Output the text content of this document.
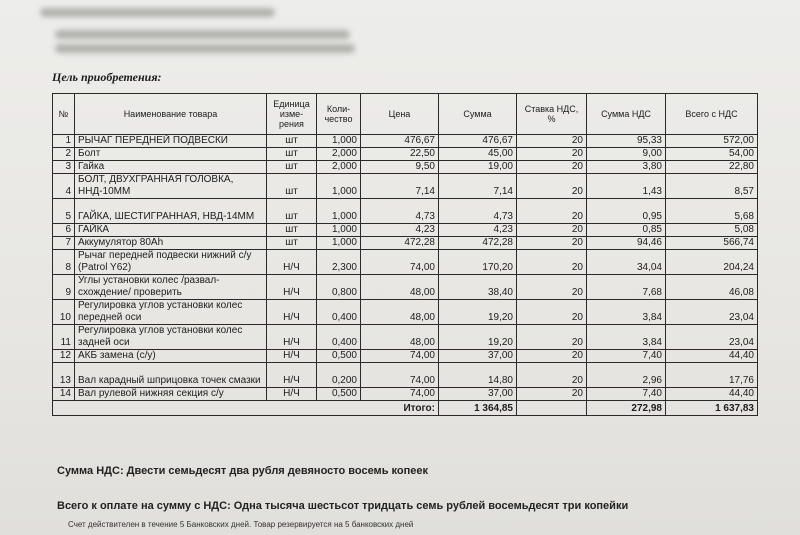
Цель приобретения:
№	Наименование товара	Единица изме- рения	Коли- чество	Цена	Сумма	Ставка НДС, %	Сумма НДС	Всего с НДС
1	РЫЧАГ ПЕРЕДНЕЙ ПОДВЕСКИ	шт	1,000	476,67	476,67	20	95,33	572,00
2	Болт	шт	2,000	22,50	45,00	20	9,00	54,00
3	Гайка	шт	2,000	9,50	19,00	20	3,80	22,80
4	БОЛТ, ДВУХГРАННАЯ ГОЛОВКА, ННД-10ММ	шт	1,000	7,14	7,14	20	1,43	8,57
5	ГАЙКА, ШЕСТИГРАННАЯ, НВД-14ММ	шт	1,000	4,73	4,73	20	0,95	5,68
6	ГАЙКА	шт	1,000	4,23	4,23	20	0,85	5,08
7	Аккумулятор 80Ah	шт	1,000	472,28	472,28	20	94,46	566,74
8	Рычаг передней подвески нижний с/у (Patrol Y62)	Н/Ч	2,300	74,00	170,20	20	34,04	204,24
9	Углы установки колес /развал-схождение/ проверить	Н/Ч	0,800	48,00	38,40	20	7,68	46,08
10	Регулировка углов установки колес передней оси	Н/Ч	0,400	48,00	19,20	20	3,84	23,04
11	Регулировка углов установки колес задней оси	Н/Ч	0,400	48,00	19,20	20	3,84	23,04
12	АКБ замена (с/у)	Н/Ч	0,500	74,00	37,00	20	7,40	44,40
13	Вал карадный шприцовка точек смазки	Н/Ч	0,200	74,00	14,80	20	2,96	17,76
14	Вал рулевой нижняя секция с/у	Н/Ч	0,500	74,00	37,00	20	7,40	44,40
Итого:					1 364,85		272,98	1 637,83
Сумма НДС: Двести семьдесят два рубля девяносто восемь копеек
Всего к оплате на сумму с НДС: Одна тысяча шестьсот тридцать семь рублей восемьдесят три копейки
Счет действителен в течение 5 Банковских дней. Товар резервируется на 5 банковских дней
